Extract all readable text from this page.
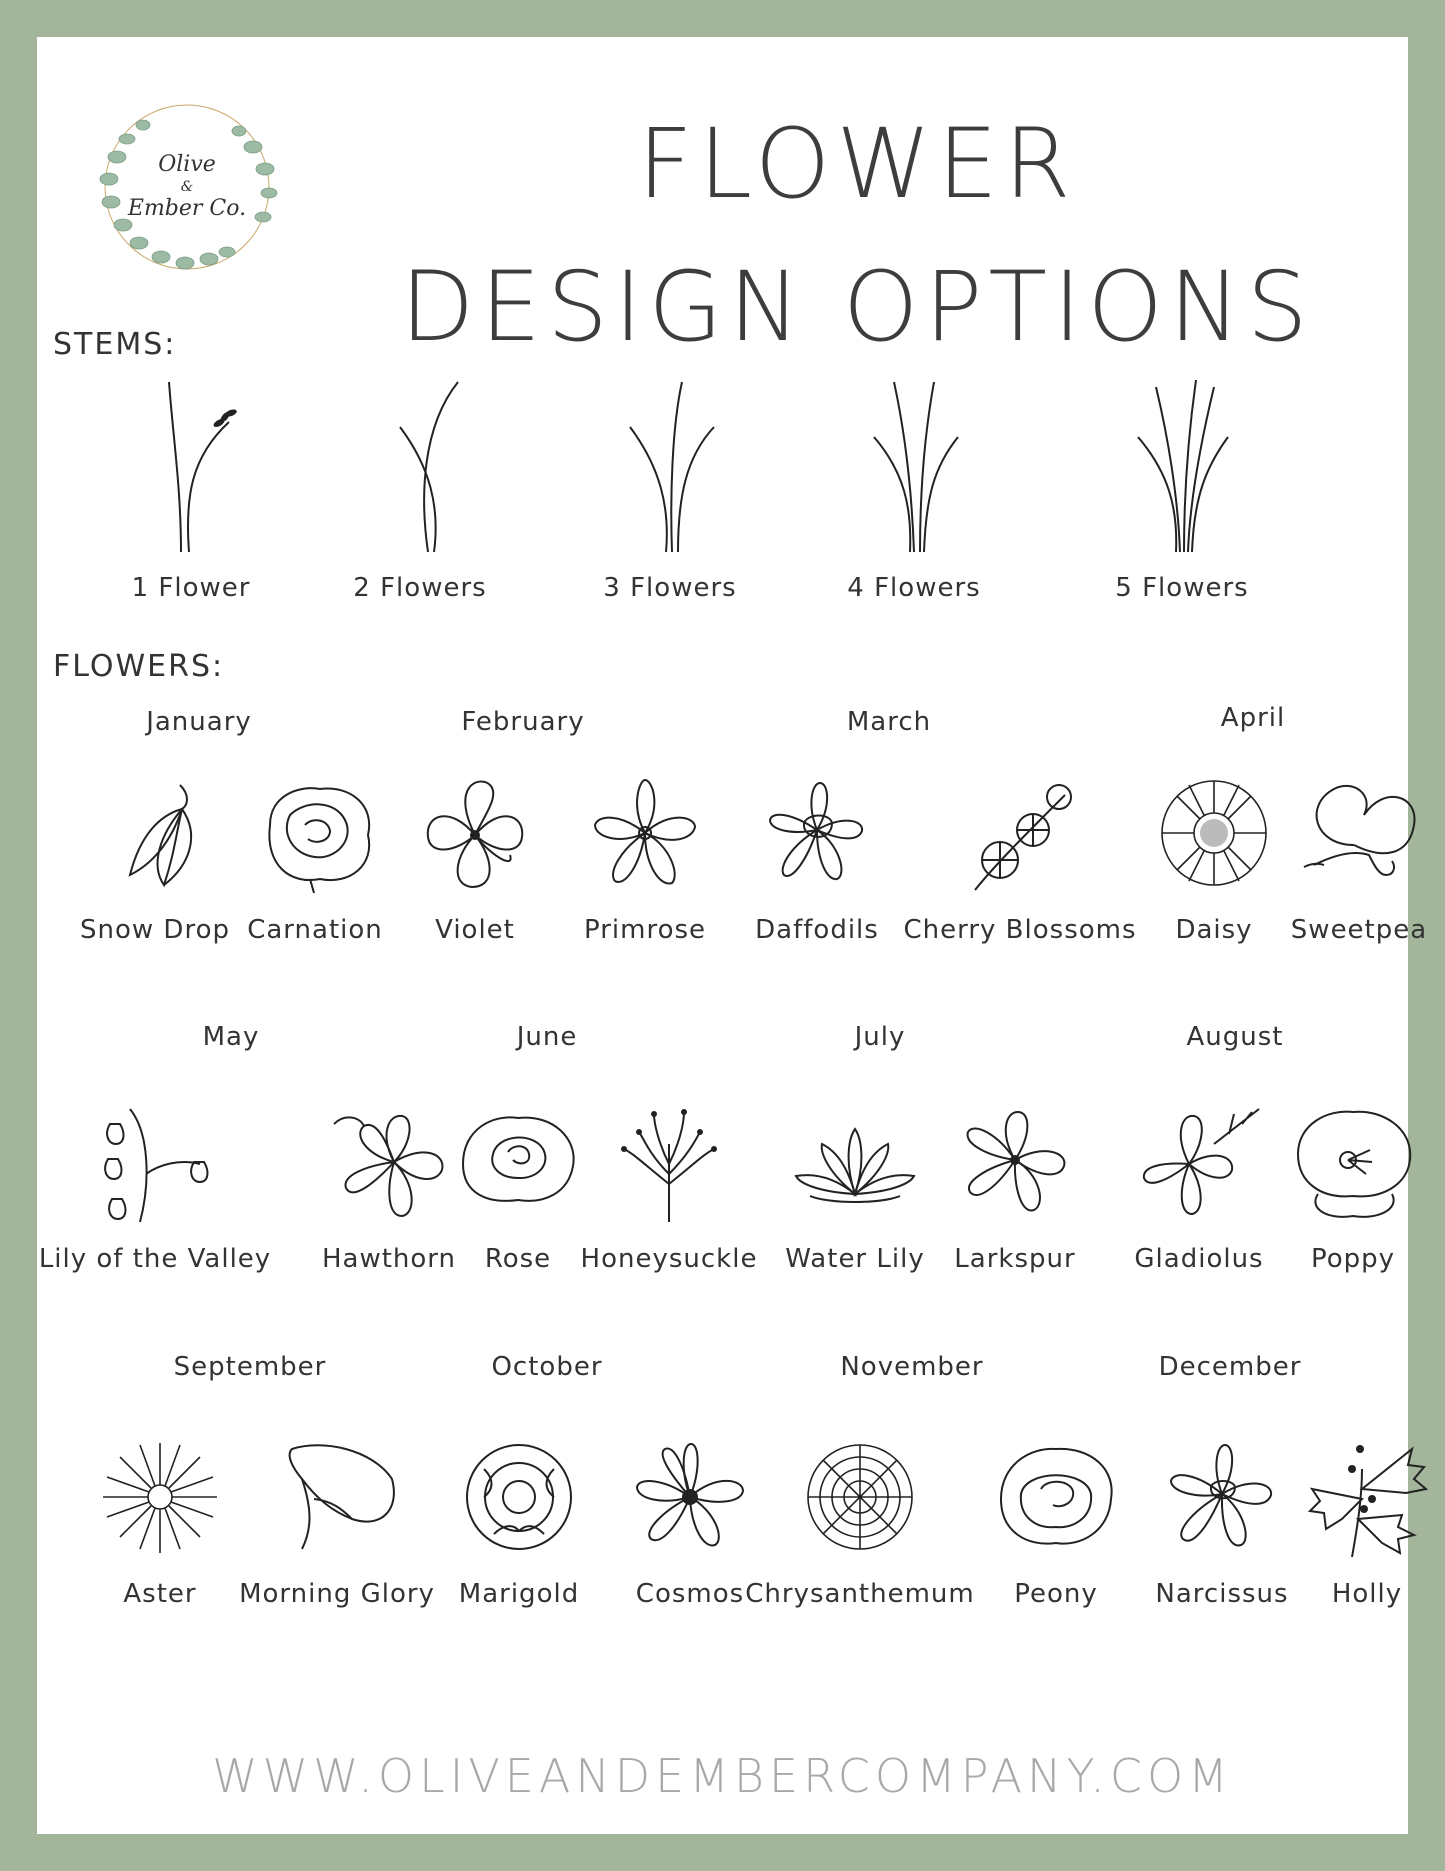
Olive
&
Ember Co.	FLOWER
DESIGN OPTIONS
STEMS:
1 Flower	2 Flowers	3 Flowers	4 Flowers	5 Flowers
FLOWERS:
January	February	March	April
May	June	July	August
September	October	November	December
Snow Drop Carnation Violet	Primrose Daffodils Cherry Blossoms Daisy Sweetpea
Lily of the Valley Hawthorn Rose Honeysuckle Water Lily Larkspur Gladiolus Poppy
Aster Morning Glory Marigold Cosmos Chrysanthemum Peony Narcissus Holly
WWW.OLIVEANDEMBERCOMPANY.COM
